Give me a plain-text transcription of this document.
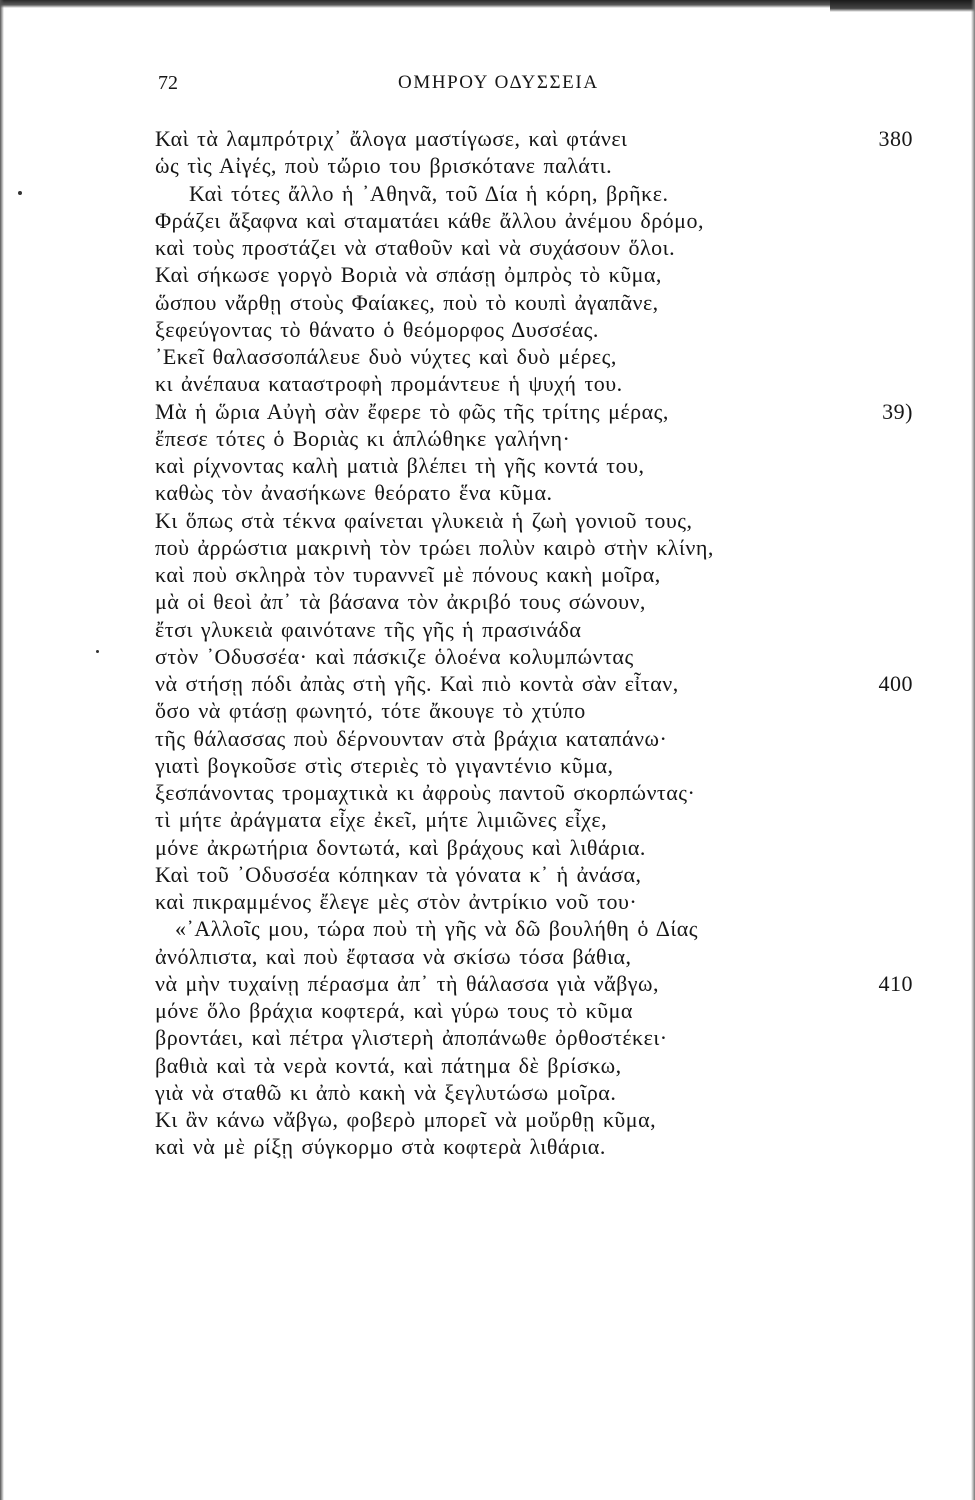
72	ΟΜΗΡΟΥ ΟΔΥΣΣΕΙΑ
Καὶ τὰ λαμπρότριχ᾽ ἄλογα μαστίγωσε, καὶ φτάνει	380
ὡς τὶς Αἰγές, ποὺ τὤριο του βρισκότανε παλάτι.
Καὶ τότες ἄλλο ἡ ᾿Αθηνᾶ, τοῦ Δία ἡ κόρη, βρῆκε.
Φράζει ἄξαφνα καὶ σταματάει κάθε ἄλλου ἀνέμου δρόμο,
καὶ τοὺς προστάζει νὰ σταθοῦν καὶ νὰ συχάσουν ὅλοι.
Καὶ σήκωσε γοργὸ Βοριὰ νὰ σπάσῃ ὀμπρὸς τὸ κῦμα,
ὥσπου νἄρθῃ στοὺς Φαίακες, ποὺ τὸ κουπὶ ἀγαπᾶνε,
ξεφεύγοντας τὸ θάνατο ὁ θεόμορφος Δυσσέας.
᾿Εκεῖ θαλασσοπάλευε δυὸ νύχτες καὶ δυὸ μέρες,
κι ἀνέπαυα καταστροφὴ προμάντευε ἡ ψυχή του.
Μὰ ἡ ὥρια Αὐγὴ σὰν ἔφερε τὸ φῶς τῆς τρίτης μέρας,	39)
ἔπεσε τότες ὁ Βοριὰς κι ἁπλώθηκε γαλήνη·
καὶ ρίχνοντας καλὴ ματιὰ βλέπει τὴ γῆς κοντά του,
καθὼς τὸν ἀνασήκωνε θεόρατο ἕνα κῦμα.
Κι ὅπως στὰ τέκνα φαίνεται γλυκειὰ ἡ ζωὴ γονιοῦ τους,
ποὺ ἀρρώστια μακρινὴ τὸν τρώει πολὺν καιρὸ στὴν κλίνη,
καὶ ποὺ σκληρὰ τὸν τυραννεῖ μὲ πόνους κακὴ μοῖρα,
μὰ οἱ θεοὶ ἀπ᾽ τὰ βάσανα τὸν ἀκριβό τους σώνουν,
ἔτσι γλυκειὰ φαινότανε τῆς γῆς ἡ πρασινάδα
στὸν ᾿Οδυσσέα· καὶ πάσκιζε ὁλοένα κολυμπώντας
νὰ στήσῃ πόδι ἀπὰς στὴ γῆς. Καὶ πιὸ κοντὰ σὰν εἶταν,	400
ὅσο νὰ φτάσῃ φωνητό, τότε ἄκουγε τὸ χτύπο
τῆς θάλασσας ποὺ δέρνουνταν στὰ βράχια καταπάνω·
γιατὶ βογκοῦσε στὶς στεριὲς τὸ γιγαντένιο κῦμα,
ξεσπάνοντας τρομαχτικὰ κι ἀφροὺς παντοῦ σκορπώντας·
τὶ μήτε ἀράγματα εἶχε ἐκεῖ, μήτε λιμιῶνες εἶχε,
μόνε ἀκρωτήρια δοντωτά, καὶ βράχους καὶ λιθάρια.
Καὶ τοῦ ᾿Οδυσσέα κόπηκαν τὰ γόνατα κ᾽ ἡ ἀνάσα,
καὶ πικραμμένος ἔλεγε μὲς στὸν ἀντρίκιο νοῦ του·
«᾿Αλλοῖς μου, τώρα ποὺ τὴ γῆς νὰ δῶ βουλήθη ὁ Δίας
ἀνόλπιστα, καὶ ποὺ ἔφτασα νὰ σκίσω τόσα βάθια,
νὰ μὴν τυχαίνῃ πέρασμα ἀπ᾽ τὴ θάλασσα γιὰ νἄβγω,	410
μόνε ὅλο βράχια κοφτερά, καὶ γύρω τους τὸ κῦμα
βροντάει, καὶ πέτρα γλιστερὴ ἀποπάνωθε ὀρθοστέκει·
βαθιὰ καὶ τὰ νερὰ κοντά, καὶ πάτημα δὲ βρίσκω,
γιὰ νὰ σταθῶ κι ἀπὸ κακὴ νὰ ξεγλυτώσω μοῖρα.
Κι ἂν κάνω νἄβγω, φοβερὸ μπορεῖ νὰ μοὔρθῃ κῦμα,
καὶ νὰ μὲ ρίξῃ σύγκορμο στὰ κοφτερὰ λιθάρια.
